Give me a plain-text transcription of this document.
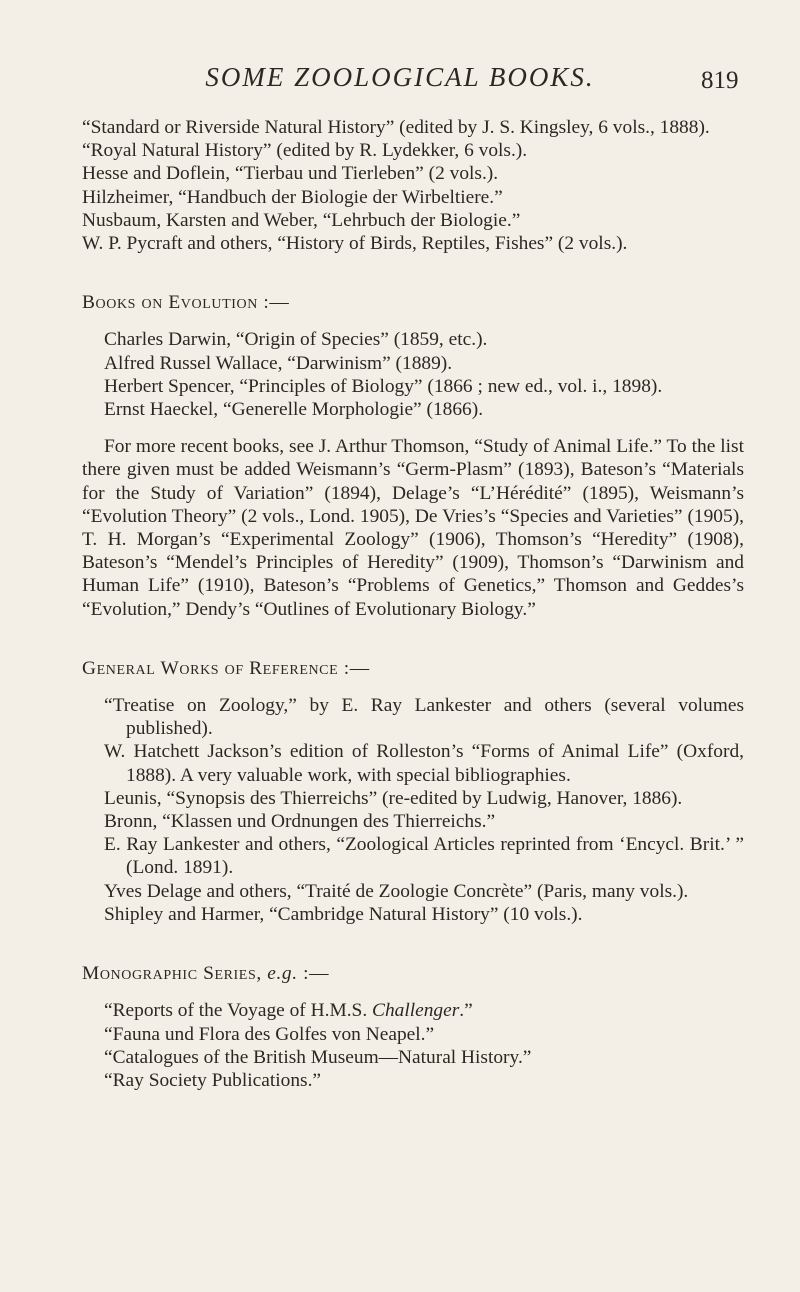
SOME ZOOLOGICAL BOOKS.	819

“Standard or Riverside Natural History” (edited by J. S. Kingsley, 6 vols., 1888).

“Royal Natural History” (edited by R. Lydekker, 6 vols.).

Hesse and Doflein, “Tierbau und Tierleben” (2 vols.).

Hilzheimer, “Handbuch der Biologie der Wirbeltiere.”

Nusbaum, Karsten and Weber, “Lehrbuch der Biologie.”

W. P. Pycraft and others, “History of Birds, Reptiles, Fishes” (2 vols.).

Books on Evolution :—

Charles Darwin, “Origin of Species” (1859, etc.).

Alfred Russel Wallace, “Darwinism” (1889).

Herbert Spencer, “Principles of Biology” (1866 ; new ed., vol. i., 1898).

Ernst Haeckel, “Generelle Morphologie” (1866).

For more recent books, see J. Arthur Thomson, “Study of Animal Life.” To the list there given must be added Weismann’s “Germ-Plasm” (1893), Bateson’s “Materials for the Study of Variation” (1894), Delage’s “L’Hérédité” (1895), Weismann’s “Evolution Theory” (2 vols., Lond. 1905), De Vries’s “Species and Varieties” (1905), T. H. Morgan’s “Experimental Zoology” (1906), Thomson’s “Heredity” (1908), Bateson’s “Mendel’s Principles of Heredity” (1909), Thomson’s “Darwinism and Human Life” (1910), Bateson’s “Problems of Genetics,” Thomson and Geddes’s “Evolution,” Dendy’s “Outlines of Evolutionary Biology.”

General Works of Reference :—

“Treatise on Zoology,” by E. Ray Lankester and others (several volumes published).

W. Hatchett Jackson’s edition of Rolleston’s “Forms of Animal Life” (Oxford, 1888). A very valuable work, with special bibliographies.

Leunis, “Synopsis des Thierreichs” (re-edited by Ludwig, Hanover, 1886).

Bronn, “Klassen und Ordnungen des Thierreichs.”

E. Ray Lankester and others, “Zoological Articles reprinted from ‘Encycl. Brit.’ ” (Lond. 1891).

Yves Delage and others, “Traité de Zoologie Concrète” (Paris, many vols.).

Shipley and Harmer, “Cambridge Natural History” (10 vols.).

Monographic Series, e.g. :—

“Reports of the Voyage of H.M.S. Challenger.”

“Fauna und Flora des Golfes von Neapel.”

“Catalogues of the British Museum—Natural History.”

“Ray Society Publications.”
